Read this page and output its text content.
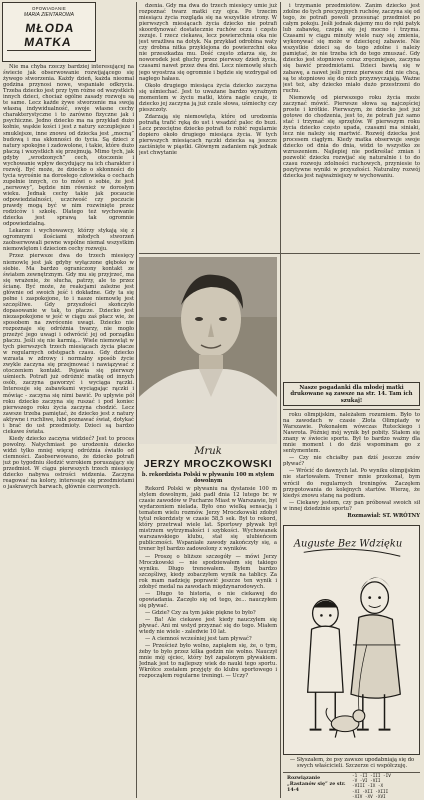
OPOWIADANIE
MARIA ZIENTAROWA
MŁODA MATKA

Nie ma chyba rzeczy bardziej interesującej na świecie jak obserwowanie rozwijającego się żywego stworzenia. Każdy dzień, każda nieomal godzina przynosi nowe, wspaniałe odkrycia. Trzeba dziecko jest przy tym różne od wszystkich innych dzieci, chociaż ogólne zasady rozwoju są te same. Lecz każde żywe stworzenie ma swoją własną indywidualność, swoje własne cechy charakterystyczne i to zarówno fizyczne jak i psychiczne. Jedno dziecko ma na przykład dużo kołnie, wąskie kości i jest z natury szczuplejsze i smuklejsze, inne znowu od dziecka jest „mocną” budową i ma skłonności do tycia. Są dzieci z natury spokojne i zadowolone, i takie, które dużo płaczą i wszystkich się przejmują. Mimo tych, jak gdyby „wrodzonych” cech, otoczenie i wychowanie wpływ decydujący na ich charakter i rozwój. Być może, że dziecko o skłonności do tycia wyrośnie na dorosłego człowieka o cechach zupełnie innych, co to mówi o sobie, że jest „nerwowy”, będzie nim również w dorosłym wieku. Jednak cechy takie jak pocaucie odpowiedzialności, uczciwość czy poczucie prawdy mogą być w nim rozwinięte przez rodziców i szkołę. Dlatego też wychowanie dziecka jest sprawą tak ogromnie odpowiedzialną.

Lekarze i wychowawcy, którzy stykają się z ogromnymi ilościami młodych stworzeń zaobserwowali pewne wspólne niemal wszystkim niemowlętom i dzieciom cechy rozwoju.

Przez pierwsze dwa do trzech miesięcy niemowlę jest jak gdyby wyłączone głęboko w siebie. Ma bardzo ograniczony kontakt ze światem zewnętrznym. Gdy mu się przyjrzeć, ma się wrażenie, że słucha, patrzy, ale to przez ścianę. Być może, że reakcjami zależne jest głównie od swoich jeść i dokładne. Gdy ta się pełne i zaspokojone, to i nasze niemowlę jest szczęśliwe. Gdy przyszłości skończyło dopasowanie w tak, to płacze. Dziecko jest niezaspokojone w jeść w ciągu zaś płacz wie, że sposobem na zwrócenie uwagi. Dziecko nie rozpoznaje się odróżnia twarzy, nie mogło przeżyć jego uwagi i odwrócić jej od porządku płaczu. Jeśli się nie karmią... Wiele niemowląt w tych pierwszych trzech miesiącach życia płacze w regularnych odstępach czasu. Gdy dziecko wzrasta w zdrowy i normalny sposób życie zwykle zaczyna się przejmować i nawiązywać z otoczeniem kontakt. Pojawia się pierwszy uśmiech. Potrafi już odróżnić matkę od innych osób, zaczyna gaworzyć i wyciąga rączki. Interesuje się zabawkami wyciągając rączki i mówiąc - zaczyna się nimi bawić. Po upływie pół roku dziecko zaczyna się ruszać i pod koniec pierwszego roku życia zaczyna chodzić. Lecz zawsze trzeba pamiętać, że dziecko jest z natury aktywne i ruchliwe, lubi poznawać świat, dotykać i brać do ust przedmioty. Dzieci są bardzo ciekawe świata.

Kiedy dziecko zaczyna widzieć? Jest to proces powolny. Natychmiast po urodzeniu dziecko widzi tylko mniej więcej odróżnia światło od ciemności. Zaobserwowano, że dziecko potrafi już po tygodniu śledzić wzrokiem poruszający się przedmiot. W ciągu pierwszych trzech miesięcy dziecko nabywa ostrości widzenia. Zaczyna reagować na kolory, interesuje się przedmiotami o jaskrawych barwach, głównie czerwonych.

dzenia. Gdy ma dwa do trzech miesięcy umie już rozpoznać twarz matki czy ojca. Po trzecim miesiącu życia rozgląda się na wszystkie strony. W pierwszych miesiącach życia dziecko nie potrafi skoordynować dostatecznie ruchów oczu i często zezuje. I rzecz ciekawa, lecz powierzchnia oka nie jest wrażliwa na dotyk. Na przykład odrobina waty czy drobna nitka przyklejona do powierzchni oka nie przeszkadza mu. Dość często zdarza się, że noworodek jest głuchy przez pierwszy dzień życia, czasami nawet przez dwa dni. Lecz niemowlę słuch jego wyostrza się ogromnie i będzie się wzdrygał od nagłego hałasu.

Około drugiego miesiąca życia dziecko zaczyna się uśmiechać. Jest to uważane bardzo wyraźnym momentem w życiu matki, która nagle czuje, iż dziecko jej zaczyna ją już czule słowa, uśmiechy czy pieszczoty.

Zdarzają się niemowlęta, które od urodzenia potrafią trafić ręką do ust i wsadzić palec do buzi. Lecz przeciętne dziecko potrafi to robić regularnie dopiero około drugiego miesiąca życia. W tych pierwszych miesiącach rączki dziecka są jeszcze zaciśnięte w piąstki. Głównym zadaniem rąk jednak jest chwytanie

i trzymanie przedmiotów. Zanim dziecko jest zdolne do tych precyzyjnych ruchów, zaczyna się od tego, że potrafi powoli przesunąć przedmiot po całym pokoju. Jeśli jednak dajemy mu do ręki patyk lub zabawkę, czepia się jej mocno i trzyma. Czasami w ciągu minuty wiele razy się zmienia, wykonywać się może w dziecięcej zabawie. Nie wszystkie dzieci są do tego zdolne i należy pamiętać, że nie trzeba ich do tego zmuszać. Gdy dziecko jest stopniowo coraz zręczniejsze, zaczyna się bawić przedmiotami. Dzieci bawią się w zabawę, a nawet jeśli przez pierwsze dni nie chcą, są te stopniowo się do nich przyzwyczajają. Ważne jest też, aby dziecko miało dużo przestrzeni do ruchu.

Niemowlę od pierwszego roku życia może zaczynać mówić. Pierwsze słowa są najczęściej proste i krótkie. Pierwszym, że dziecko jest już gotowe do chodzenia, jest to, że potrafi już samo stać i trzymać się sprzętów. W pierwszym roku życia dziecko często upada, czasami ma siniaki, lecz nie należy się martwić. Rozwój dziecka jest procesem ciągłym. Kiedy matka obserwuje swoje dziecko od dnia do dnia, widzi to wszystko ze wzruszeniem. Najlepiej nie podkreślać zmian i pozwolić dziecku rozwijać się naturalnie i to do czasu rozwoju zdolności ruchowych, przyniesie to pozytywne wyniki w przyszłości. Naturalny rozwój dziecka jest najważniejszy w wychowaniu.

Nasze pogadanki dla młodej matki drukowane są zawsze na str. 14. Tam ich szukaj!
Mruk
JERZY MROCZKOWSKI
b. rekordzista Polski w pływaniu 100 m stylem dowolnym

Rekord Polski w pływaniu na dystansie 100 m stylem dowolnym, jaki padł dnia 12 lutego br. w czasie zawodów w Pucharze Miast w Warszawie, był wydarzeniem nielada. Było ono wielką sensacją i tematem wielu rozmów. Jerzy Mroczkowski zdobył tytuł rekordzisty w czasie 58,5 sek. Był to rekord, który przetrwał wiele lat. Sportowy pływak był mistrzem wytrzymałości i szybkości. Wychowanek warszawskiego klubu, stał się ulubieńcem publiczności. Wspaniałe zawody zakończyły się, a trener był bardzo zadowolony z wyników.

— Proszę o bliższe szczegóły — mówi Jerzy Mroczkowski — nie spodziewałem się takiego wyniku. Długo trenowałem. Byłem bardzo szczęśliwy, kiedy zobaczyłem wynik na tablicy. Za rok mam nadzieję poprawić jeszcze ten wynik i zdobyć medal na zawodach międzynarodowych.

— Długo to historia, o nie ciekawej do opowiadania. Zaczęło się od tego, że... nauczyłem się pływać.

— Gdzie? Czy za tym jakie piękne to było?

— Ba! Ale ciekawe jest kiedy nauczyłem się pływać. Ani mi wstyd przyznać się do tego. Miałem wtedy nie wiele - zaledwie 10 lat.

— A ciemnoś wcześniej jest tam pływać?

— Prześcież było wolno, zapiąłem się, że, o tym, żeby to było przez kilka godzin nie wolno. Nauczył mnie mój ojciec, który był zapalonym pływakiem. Jednak jest to najlepszy wiek do nauki tego sportu. Wkrótce zostałem przyjęty do klubu sportowego i rozpocząłem regularne treningi. — Uczy?

roku olimpijskim, należałem rozumiem. Było to na zawodach w czasie Złota Olimpiady w Warszawie. Pokonałem wówczas Ruteckiego i Nawrota. Później mój wynik był pobity. Stałem się znany w świecie sportu. Był to bardzo ważny dla mnie moment i do dziś wspominam go z sentymentem.

— Czy nie chciałby pan dziś jeszcze znów pływać?

— Wrócić do dawnych lat. Po wyniku olimpijskim nie startowałem. Trener mnie przekonał, bym wrócił do regularnych treningów. Zaczęłem przygotowania do kolejnych startów. Wierzę, że kiedyś znowu stanę na podium.

— Ciekawy jestem, czy pan próbował swoich sił w innej dziedzinie sportu?

Rozmawiał: ST. WRÓTNY
Auguste Bez Wdzięku
— Słyszałem, że psy zawsze upodabniają się do swych właścicieli. Szczerze ci współczuję.
Rozwiązanie „Rastanów się” ze str. 14-4
-1 -II -III -IV
-V -VI -VII
-VIII -IX -X
-XI -XII -XIII
-XIV -XV -XVI
